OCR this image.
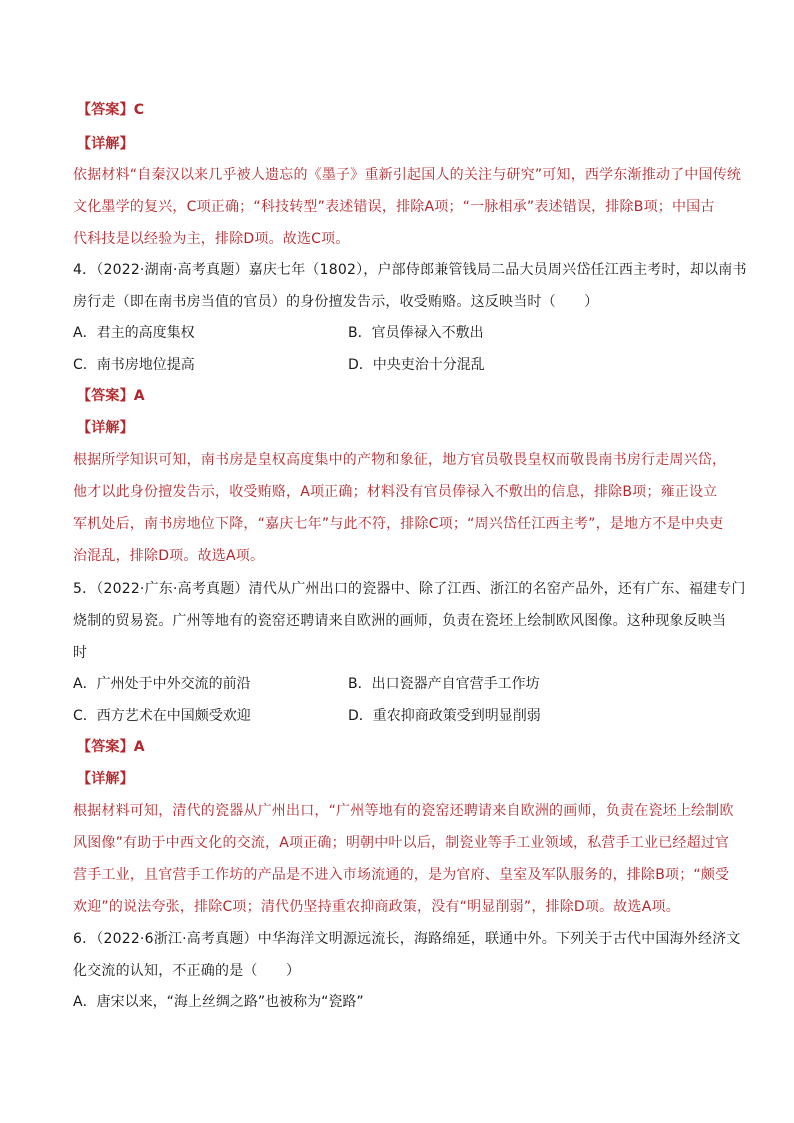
【答案】C
【详解】
依据材料“自秦汉以来几乎被人遗忘的《墨子》重新引起国人的关注与研究”可知，西学东渐推动了中国传统
文化墨学的复兴，C项正确；“科技转型”表述错误，排除A项；“一脉相承”表述错误，排除B项；中国古
代科技是以经验为主，排除D项。故选C项。
4．（2022·湖南·高考真题）嘉庆七年（1802），户部侍郎兼管钱局二品大员周兴岱任江西主考时，却以南书
房行走（即在南书房当值的官员）的身份擅发告示，收受贿赂。这反映当时（　　）
A．君主的高度集权	B．官员俸禄入不敷出
C．南书房地位提高	D．中央吏治十分混乱
【答案】A
【详解】
根据所学知识可知，南书房是皇权高度集中的产物和象征，地方官员敬畏皇权而敬畏南书房行走周兴岱，
他才以此身份擅发告示，收受贿赂，A项正确；材料没有官员俸禄入不敷出的信息，排除B项；雍正设立
军机处后，南书房地位下降，“嘉庆七年”与此不符，排除C项；“周兴岱任江西主考”，是地方不是中央吏
治混乱，排除D项。故选A项。
5．（2022·广东·高考真题）清代从广州出口的瓷器中、除了江西、浙江的名窑产品外，还有广东、福建专门
烧制的贸易瓷。广州等地有的瓷窑还聘请来自欧洲的画师，负责在瓷坯上绘制欧风图像。这种现象反映当
时
A．广州处于中外交流的前沿	B．出口瓷器产自官营手工作坊
C．西方艺术在中国颇受欢迎	D．重农抑商政策受到明显削弱
【答案】A
【详解】
根据材料可知，清代的瓷器从广州出口，“广州等地有的瓷窑还聘请来自欧洲的画师，负责在瓷坯上绘制欧
风图像”有助于中西文化的交流，A项正确；明朝中叶以后，制瓷业等手工业领域，私营手工业已经超过官
营手工业，且官营手工作坊的产品是不进入市场流通的，是为官府、皇室及军队服务的，排除B项；“颇受
欢迎”的说法夸张，排除C项；清代仍坚持重农抑商政策，没有“明显削弱”，排除D项。故选A项。
6．（2022·6浙江·高考真题）中华海洋文明源远流长，海路绵延，联通中外。下列关于古代中国海外经济文
化交流的认知，不正确的是（　　）
A．唐宋以来，“海上丝绸之路”也被称为“瓷路”
